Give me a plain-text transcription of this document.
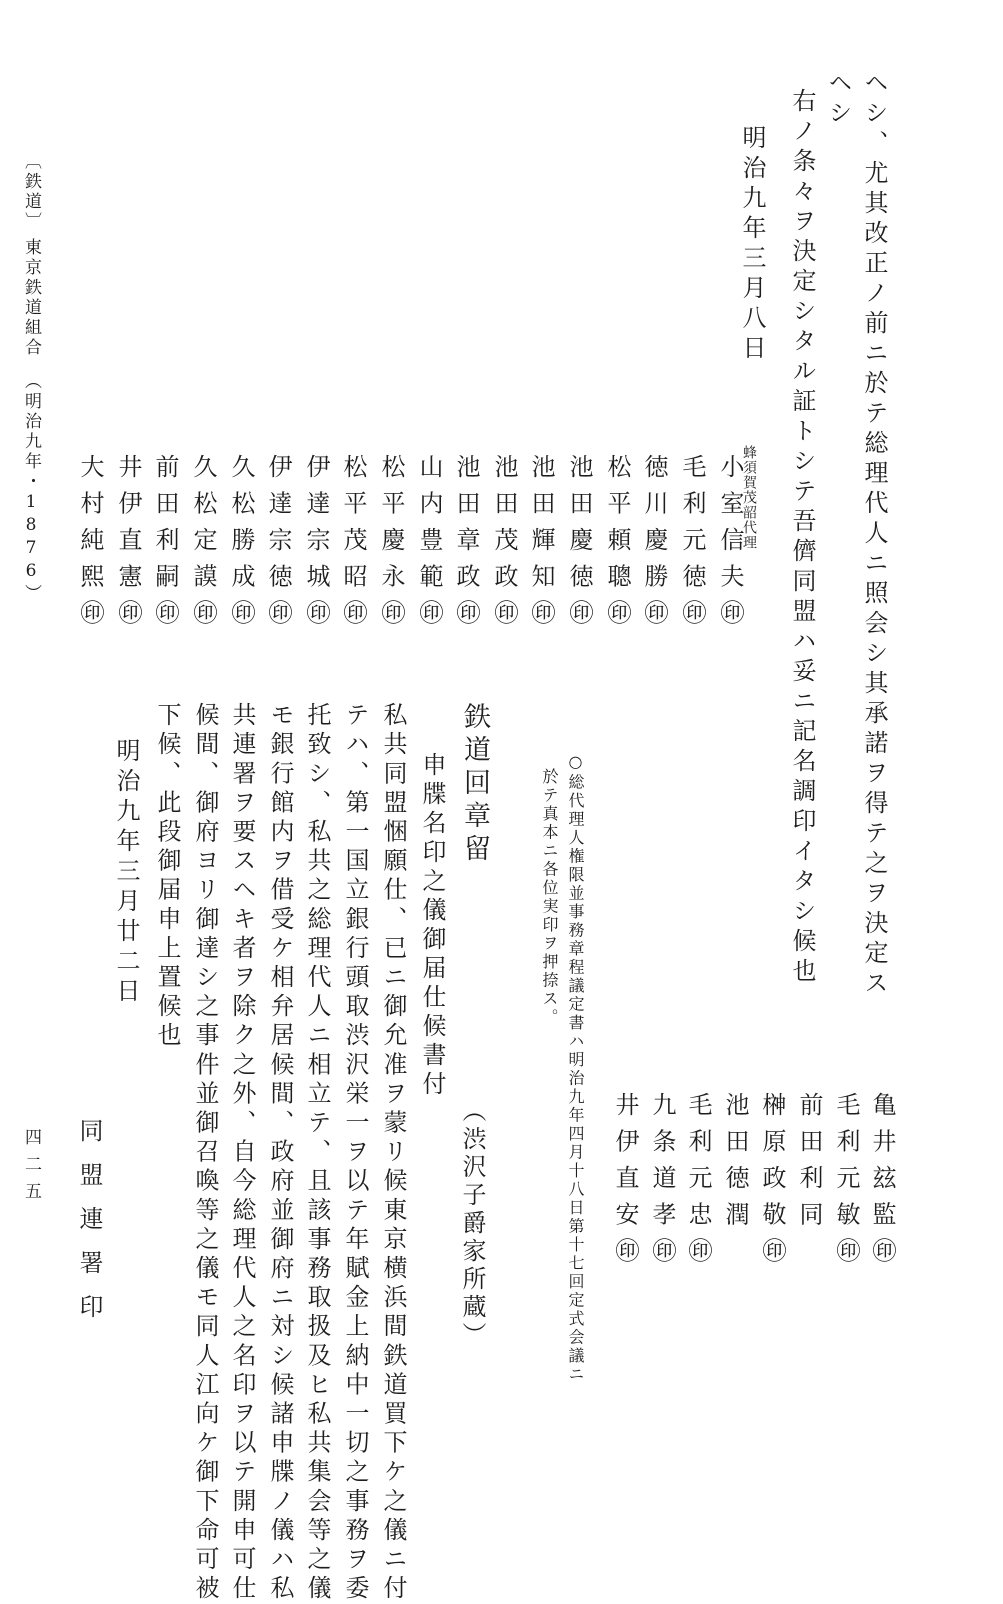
〔鉄道〕
東京鉄道組合
（明治九年・1876）	ヘシ、尤其改正ノ前ニ於テ総理代人ニ照会シ其承諾ヲ得テ之ヲ決定ス
ヘシ
右ノ条々ヲ決定シタル証トシテ吾儕同盟ハ妥ニ記名調印イタシ候也
明治九年三月八日
蜂須賀茂韶代理
小室信夫㊞
毛利元徳㊞
徳川慶勝㊞
松平頼聰㊞
池田慶徳㊞
池田輝知㊞
池田茂政㊞
池田章政㊞
山内豊範㊞
松平慶永㊞
松平茂昭㊞
伊達宗城㊞
伊達宗徳㊞
久松勝成㊞
久松定謨㊞
前田利嗣㊞
井伊直憲㊞
大村純熙㊞
亀井玆監㊞
毛利元敏㊞
前田利同
榊原政敬㊞
池田徳潤
毛利元忠㊞
九条道孝㊞
井伊直安㊞
○総代理人権限並事務章程議定書ハ明治九年四月十八日第十七回定式会議ニ
於テ真本ニ各位実印ヲ押捺ス。
鉄道回章留
（渋沢子爵家所蔵）
申牒名印之儀御届仕候書付
私共同盟悃願仕、已ニ御允准ヲ蒙リ候東京横浜間鉄道買下ケ之儀ニ付
テハ、第一国立銀行頭取渋沢栄一ヲ以テ年賦金上納中一切之事務ヲ委
托致シ、私共之総理代人ニ相立テ、且該事務取扱及ヒ私共集会等之儀
モ銀行館内ヲ借受ケ相弁居候間、政府並御府ニ対シ候諸申牒ノ儀ハ私
共連署ヲ要スヘキ者ヲ除ク之外、自今総理代人之名印ヲ以テ開申可仕
候間、御府ヨリ御達シ之事件並御召喚等之儀モ同人江向ケ御下命可被
下候、此段御届申上置候也
明治九年三月廿二日
同盟連署印
四二五
